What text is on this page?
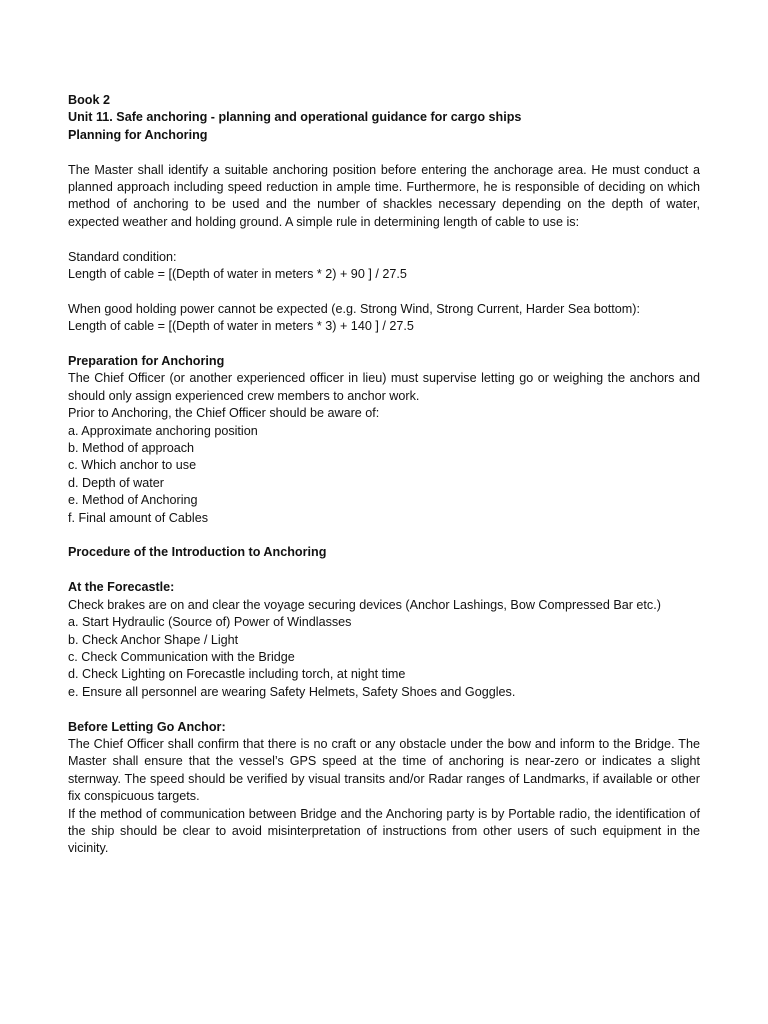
Book 2
Unit 11. Safe anchoring - planning and operational guidance for cargo ships
Planning for Anchoring
The Master shall identify a suitable anchoring position before entering the anchorage area. He must conduct a planned approach including speed reduction in ample time. Furthermore, he is responsible of deciding on which method of anchoring to be used and the number of shackles necessary depending on the depth of water, expected weather and holding ground. A simple rule in determining length of cable to use is:
Standard condition:
Length of cable = [(Depth of water in meters * 2) + 90 ] / 27.5
When good holding power cannot be expected (e.g. Strong Wind, Strong Current, Harder Sea bottom):
Length of cable = [(Depth of water in meters * 3) + 140 ] / 27.5
Preparation for Anchoring
The Chief Officer (or another experienced officer in lieu) must supervise letting go or weighing the anchors and should only assign experienced crew members to anchor work.
Prior to Anchoring, the Chief Officer should be aware of:
a. Approximate anchoring position
b. Method of approach
c. Which anchor to use
d. Depth of water
e. Method of Anchoring
f. Final amount of Cables
Procedure of the Introduction to Anchoring
At the Forecastle:
Check brakes are on and clear the voyage securing devices (Anchor Lashings, Bow Compressed Bar etc.)
a. Start Hydraulic (Source of) Power of Windlasses
b. Check Anchor Shape / Light
c. Check Communication with the Bridge
d. Check Lighting on Forecastle including torch, at night time
e. Ensure all personnel are wearing Safety Helmets, Safety Shoes and Goggles.
Before Letting Go Anchor:
The Chief Officer shall confirm that there is no craft or any obstacle under the bow and inform to the Bridge. The Master shall ensure that the vessel’s GPS speed at the time of anchoring is near-zero or indicates a slight sternway. The speed should be verified by visual transits and/or Radar ranges of Landmarks, if available or other fix conspicuous targets.
If the method of communication between Bridge and the Anchoring party is by Portable radio, the identification of the ship should be clear to avoid misinterpretation of instructions from other users of such equipment in the vicinity.
